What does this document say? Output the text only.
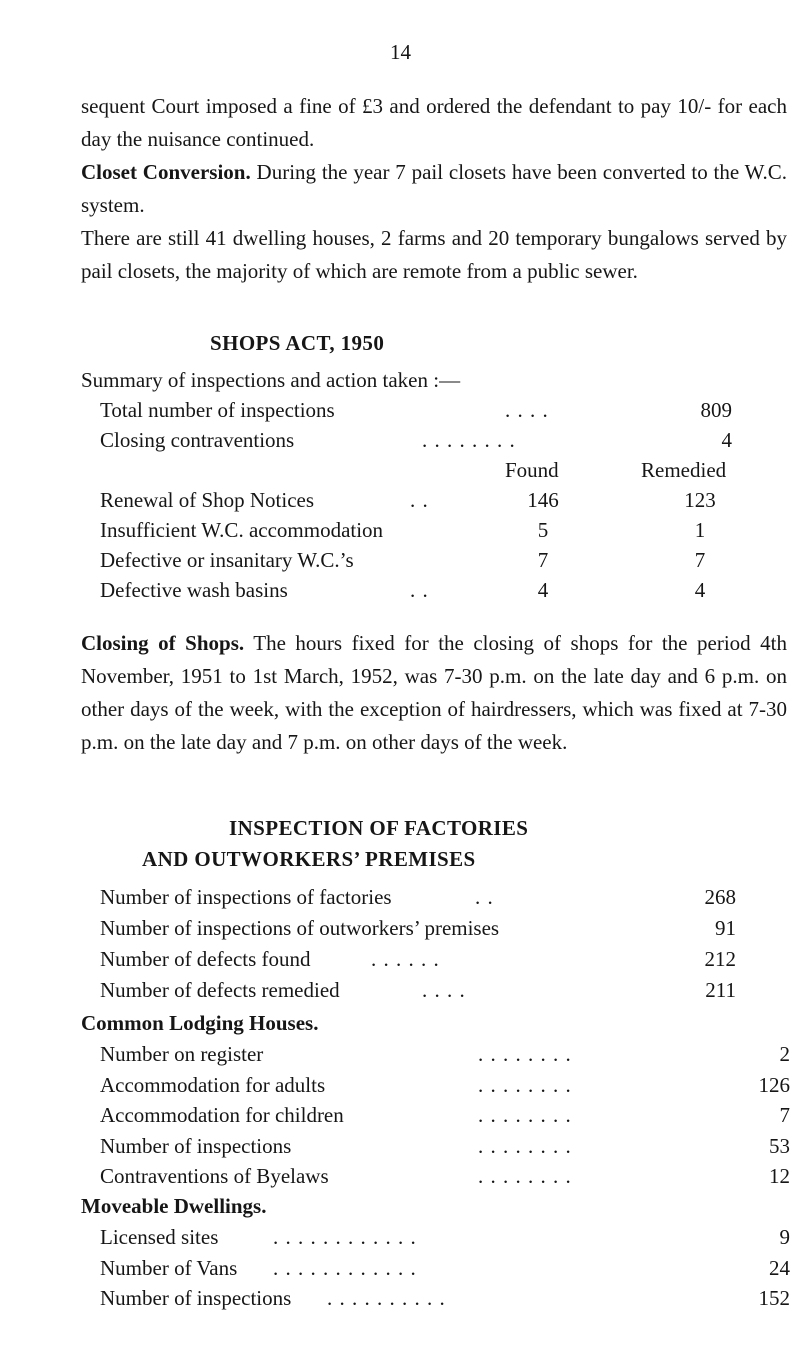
14

sequent Court imposed a fine of £3 and ordered the defendant to pay 10/- for each day the nuisance continued.

Closet Conversion. During the year 7 pail closets have been converted to the W.C. system.

There are still 41 dwelling houses, 2 farms and 20 temporary bungalows served by pail closets, the majority of which are remote from a public sewer.

SHOPS ACT, 1950
Summary of inspections and action taken :—
Total number of inspections	. . . .	809
Closing contraventions	. . . . . . . .	4
Found	Remedied
Renewal of Shop Notices	. .	146	123
Insufficient W.C. accommodation	5	1
Defective or insanitary W.C.’s	7	7
Defective wash basins	. .	4	4

Closing of Shops. The hours fixed for the closing of shops for the period 4th November, 1951 to 1st March, 1952, was 7-30 p.m. on the late day and 6 p.m. on other days of the week, with the exception of hairdressers, which was fixed at 7-30 p.m. on the late day and 7 p.m. on other days of the week.

INSPECTION OF FACTORIES
AND OUTWORKERS’ PREMISES
Number of inspections of factories	. .	268
Number of inspections of outworkers’ premises	91
Number of defects found	. . . . . .	212
Number of defects remedied	. . . .	211
Common Lodging Houses.
Number on register	. . . . . . . .	2
Accommodation for adults	. . . . . . . .	126
Accommodation for children	. . . . . . . .	7
Number of inspections	. . . . . . . .	53
Contraventions of Byelaws	. . . . . . . .	12
Moveable Dwellings.
Licensed sites	. . . . . . . . . . . .	9
Number of Vans . . . . . . . . . . . .	24
Number of inspections . . . . . . . . . .	152
